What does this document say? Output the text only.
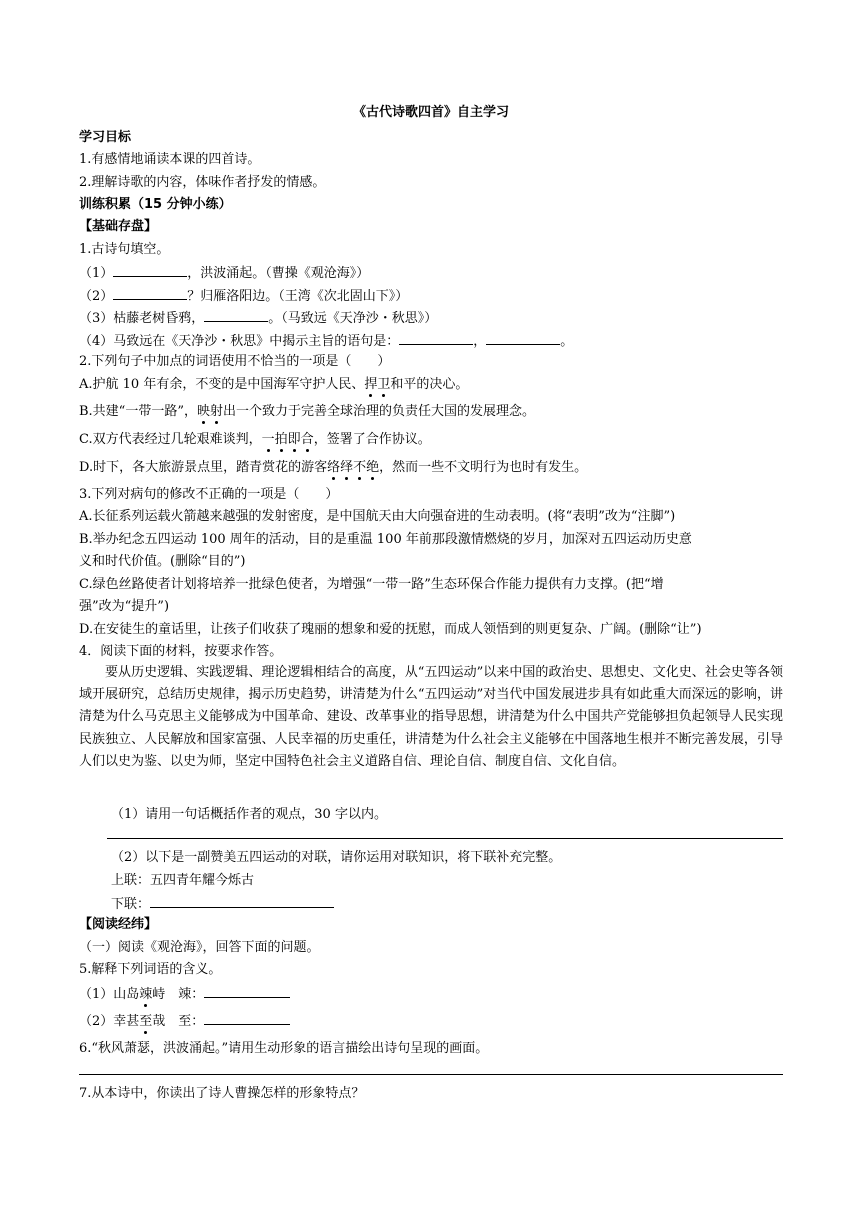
《古代诗歌四首》自主学习
学习目标
1.有感情地诵读本课的四首诗。
2.理解诗歌的内容，体味作者抒发的情感。
训练积累（15 分钟小练）
【基础存盘】
1.古诗句填空。
（1）	，洪波涌起。（曹操《观沧海》）
（2）	？归雁洛阳边。（王湾《次北固山下》）
（3）枯藤老树昏鸦，	。（马致远《天净沙・秋思》）
（4）马致远在《天净沙・秋思》中揭示主旨的语句是：	，	。
2.下列句子中加点的词语使用不恰当的一项是（　　）
A.护航 10 年有余，不变的是中国海军守护人民、捍卫和平的决心。
B.共建“一带一路”，映射出一个致力于完善全球治理的负责任大国的发展理念。
C.双方代表经过几轮艰难谈判，一拍即合，签署了合作协议。
D.时下，各大旅游景点里，踏青赏花的游客络绎不绝，然而一些不文明行为也时有发生。
3.下列对病句的修改不正确的一项是（　　）
A.长征系列运载火箭越来越强的发射密度，是中国航天由大向强奋进的生动表明。(将“表明”改为“注脚”)
B.举办纪念五四运动 100 周年的活动，目的是重温 100 年前那段激情燃烧的岁月，加深对五四运动历史意
义和时代价值。(删除“目的”)
C.绿色丝路使者计划将培养一批绿色使者，为增强“一带一路”生态环保合作能力提供有力支撑。(把“增
强”改为“提升”)
D.在安徒生的童话里，让孩子们收获了瑰丽的想象和爱的抚慰，而成人领悟到的则更复杂、广阔。(删除“让”)
4．阅读下面的材料，按要求作答。
要从历史逻辑、实践逻辑、理论逻辑相结合的高度，从“五四运动”以来中国的政治史、思想史、文化史、社会史等各领域开展研究，总结历史规律，揭示历史趋势，讲清楚为什么“五四运动”对当代中国发展进步具有如此重大而深远的影响，讲清楚为什么马克思主义能够成为中国革命、建设、改革事业的指导思想，讲清楚为什么中国共产党能够担负起领导人民实现民族独立、人民解放和国家富强、人民幸福的历史重任，讲清楚为什么社会主义能够在中国落地生根并不断完善发展，引导人们以史为鉴、以史为师，坚定中国特色社会主义道路自信、理论自信、制度自信、文化自信。
（1）请用一句话概括作者的观点，30 字以内。
（2）以下是一副赞美五四运动的对联，请你运用对联知识，将下联补充完整。
上联：五四青年耀今烁古
下联：
【阅读经纬】
（一）阅读《观沧海》，回答下面的问题。
5.解释下列词语的含义。
（1）山岛竦峙　竦：
（2）幸甚至哉　至：
6.“秋风萧瑟，洪波涌起。”请用生动形象的语言描绘出诗句呈现的画面。
7.从本诗中，你读出了诗人曹操怎样的形象特点？
